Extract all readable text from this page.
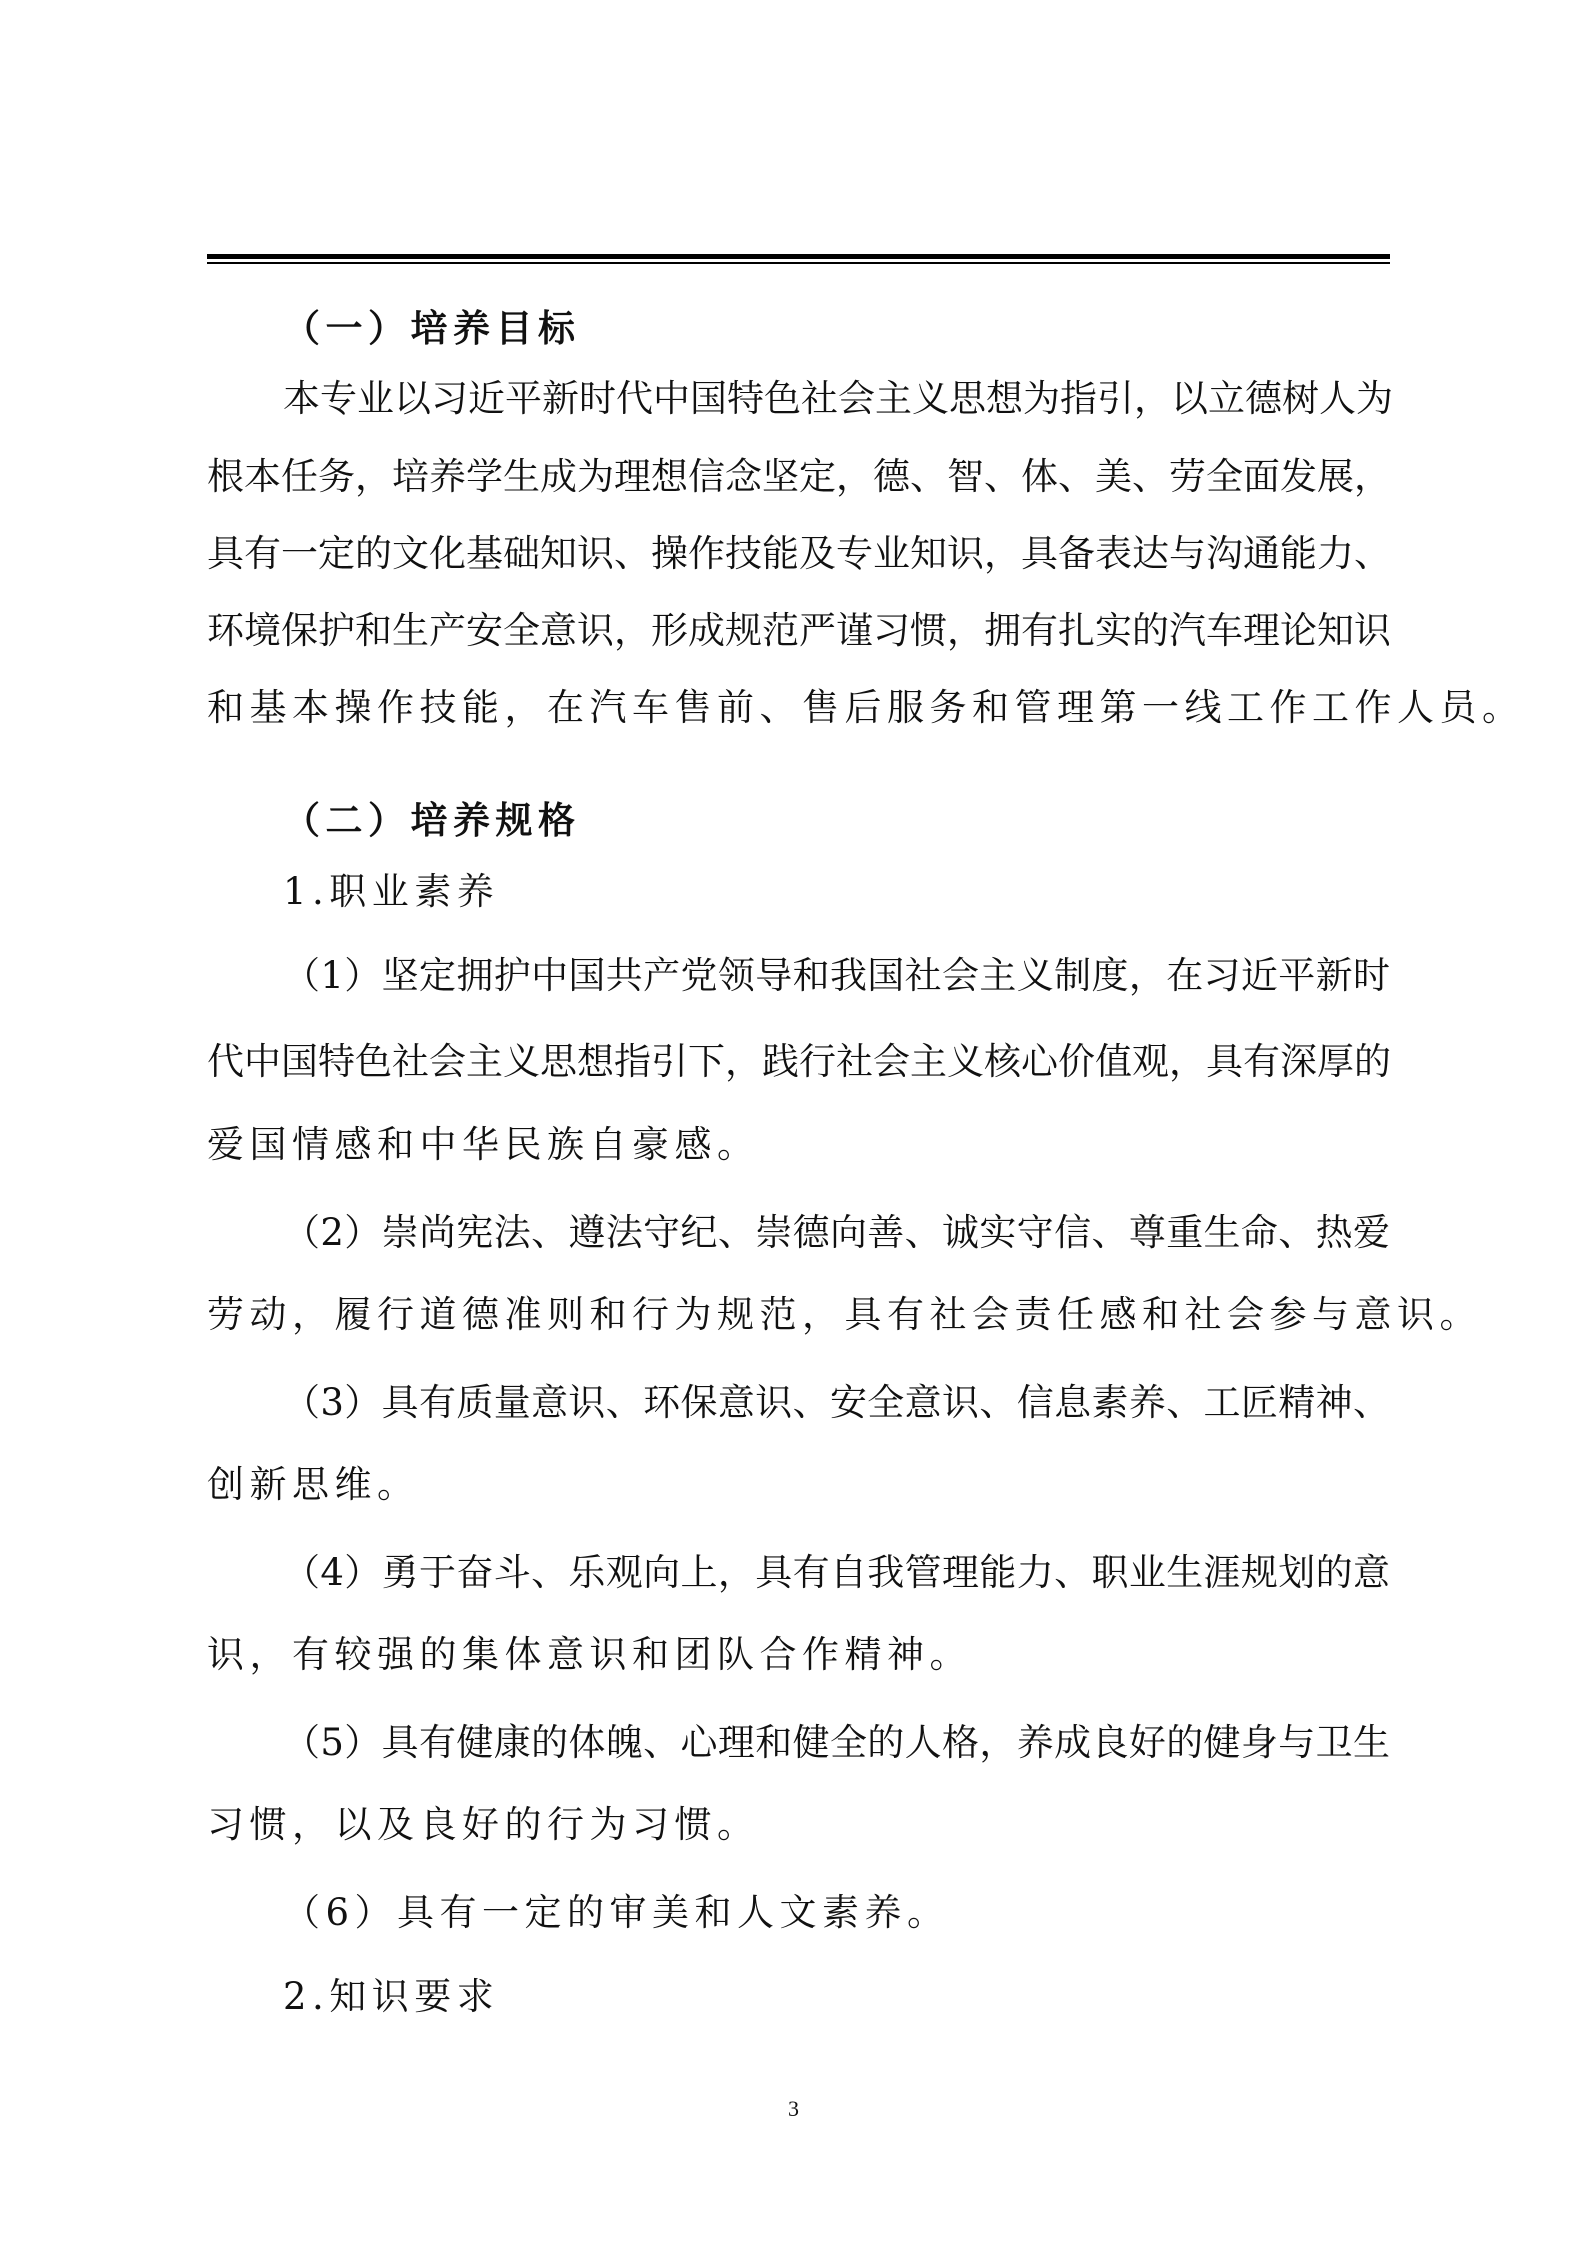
（一）培养目标
本专业以习近平新时代中国特色社会主义思想为指引，以立德树人为
根本任务，培养学生成为理想信念坚定，德、智、体、美、劳全面发展，
具有一定的文化基础知识、操作技能及专业知识，具备表达与沟通能力、
环境保护和生产安全意识，形成规范严谨习惯，拥有扎实的汽车理论知识
和基本操作技能，在汽车售前、售后服务和管理第一线工作工作人员。
（二）培养规格
1.职业素养
（1）坚定拥护中国共产党领导和我国社会主义制度，在习近平新时
代中国特色社会主义思想指引下，践行社会主义核心价值观，具有深厚的
爱国情感和中华民族自豪感。
（2）崇尚宪法、遵法守纪、崇德向善、诚实守信、尊重生命、热爱
劳动，履行道德准则和行为规范，具有社会责任感和社会参与意识。
（3）具有质量意识、环保意识、安全意识、信息素养、工匠精神、
创新思维。
（4）勇于奋斗、乐观向上，具有自我管理能力、职业生涯规划的意
识，有较强的集体意识和团队合作精神。
（5）具有健康的体魄、心理和健全的人格，养成良好的健身与卫生
习惯，以及良好的行为习惯。
（6）具有一定的审美和人文素养。
2.知识要求
3
